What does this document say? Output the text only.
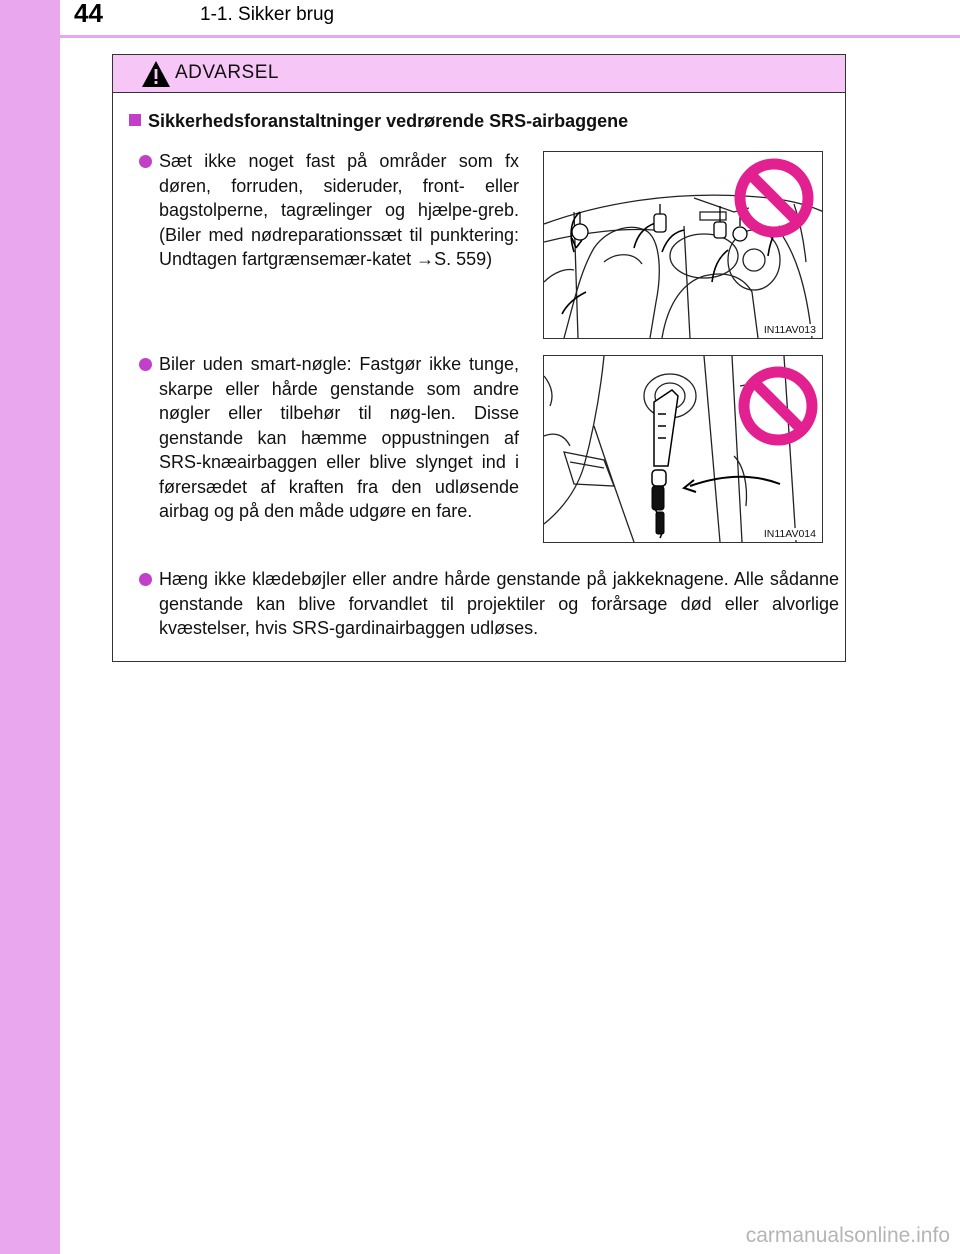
44	1-1. Sikker brug
ADVARSEL
Sikkerhedsforanstaltninger vedrørende SRS-airbaggene
Sæt ikke noget fast på områder som fx døren, forruden, sideruder, front- eller bagstolperne, tagrælinger og hjælpe-greb. (Biler med nødreparationssæt til punktering: Undtagen fartgrænsemær-katet →S. 559)
IN11AV013
Biler uden smart-nøgle: Fastgør ikke tunge, skarpe eller hårde genstande som andre nøgler eller tilbehør til nøg-len. Disse genstande kan hæmme oppustningen af SRS-knæairbaggen eller blive slynget ind i førersædet af kraften fra den udløsende airbag og på den måde udgøre en fare.
IN11AV014
Hæng ikke klædebøjler eller andre hårde genstande på jakkeknagene. Alle sådanne genstande kan blive forvandlet til projektiler og forårsage død eller alvorlige kvæstelser, hvis SRS-gardinairbaggen udløses.
carmanualsonline.info
